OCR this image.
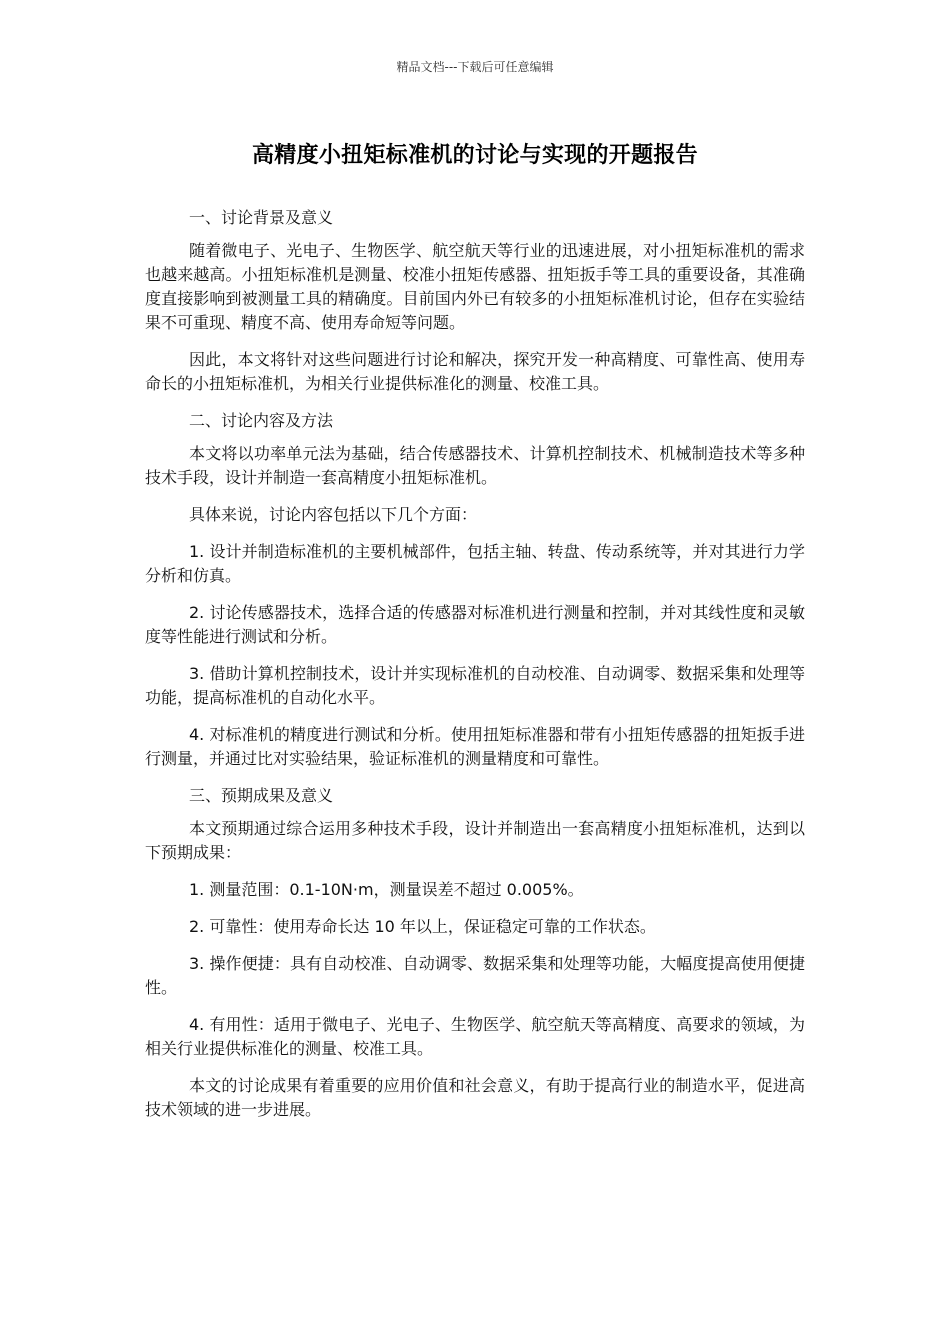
精品文档---下载后可任意编辑
高精度小扭矩标准机的讨论与实现的开题报告

一、讨论背景及意义

随着微电子、光电子、生物医学、航空航天等行业的迅速进展，对小扭矩标准机的需求也越来越高。小扭矩标准机是测量、校准小扭矩传感器、扭矩扳手等工具的重要设备，其准确度直接影响到被测量工具的精确度。目前国内外已有较多的小扭矩标准机讨论，但存在实验结果不可重现、精度不高、使用寿命短等问题。

因此，本文将针对这些问题进行讨论和解决，探究开发一种高精度、可靠性高、使用寿命长的小扭矩标准机，为相关行业提供标准化的测量、校准工具。

二、讨论内容及方法

本文将以功率单元法为基础，结合传感器技术、计算机控制技术、机械制造技术等多种技术手段，设计并制造一套高精度小扭矩标准机。

具体来说，讨论内容包括以下几个方面：

1. 设计并制造标准机的主要机械部件，包括主轴、转盘、传动系统等，并对其进行力学分析和仿真。

2. 讨论传感器技术，选择合适的传感器对标准机进行测量和控制，并对其线性度和灵敏度等性能进行测试和分析。

3. 借助计算机控制技术，设计并实现标准机的自动校准、自动调零、数据采集和处理等功能，提高标准机的自动化水平。

4. 对标准机的精度进行测试和分析。使用扭矩标准器和带有小扭矩传感器的扭矩扳手进行测量，并通过比对实验结果，验证标准机的测量精度和可靠性。

三、预期成果及意义

本文预期通过综合运用多种技术手段，设计并制造出一套高精度小扭矩标准机，达到以下预期成果：

1. 测量范围：0.1-10N·m，测量误差不超过 0.005%。

2. 可靠性：使用寿命长达 10 年以上，保证稳定可靠的工作状态。

3. 操作便捷：具有自动校准、自动调零、数据采集和处理等功能，大幅度提高使用便捷性。

4. 有用性：适用于微电子、光电子、生物医学、航空航天等高精度、高要求的领域，为相关行业提供标准化的测量、校准工具。

本文的讨论成果有着重要的应用价值和社会意义，有助于提高行业的制造水平，促进高技术领域的进一步进展。
